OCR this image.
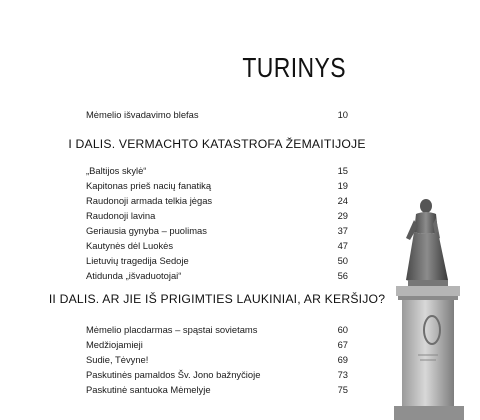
TURINYS
Mėmelio išvadavimo blefas	10
I DALIS. VERMACHTO KATASTROFA ŽEMAITIJOJE
„Baltijos skylė“	15
Kapitonas prieš nacių fanatiką	19
Raudonoji armada telkia jėgas	24
Raudonoji lavina	29
Geriausia gynyba – puolimas	37
Kautynės dėl Luokės	47
Lietuvių tragedija Sedoje	50
Atidunda „išvaduotojai“	56
II DALIS. AR JIE IŠ PRIGIMTIES LAUKINIAI, AR KERŠIJO?
Mėmelio placdarmas – spąstai sovietams	60
Medžiojamieji	67
Sudie, Tėvyne!	69
Paskutinės pamaldos Šv. Jono bažnyčioje	73
Paskutinė santuoka Mėmelyje	75
